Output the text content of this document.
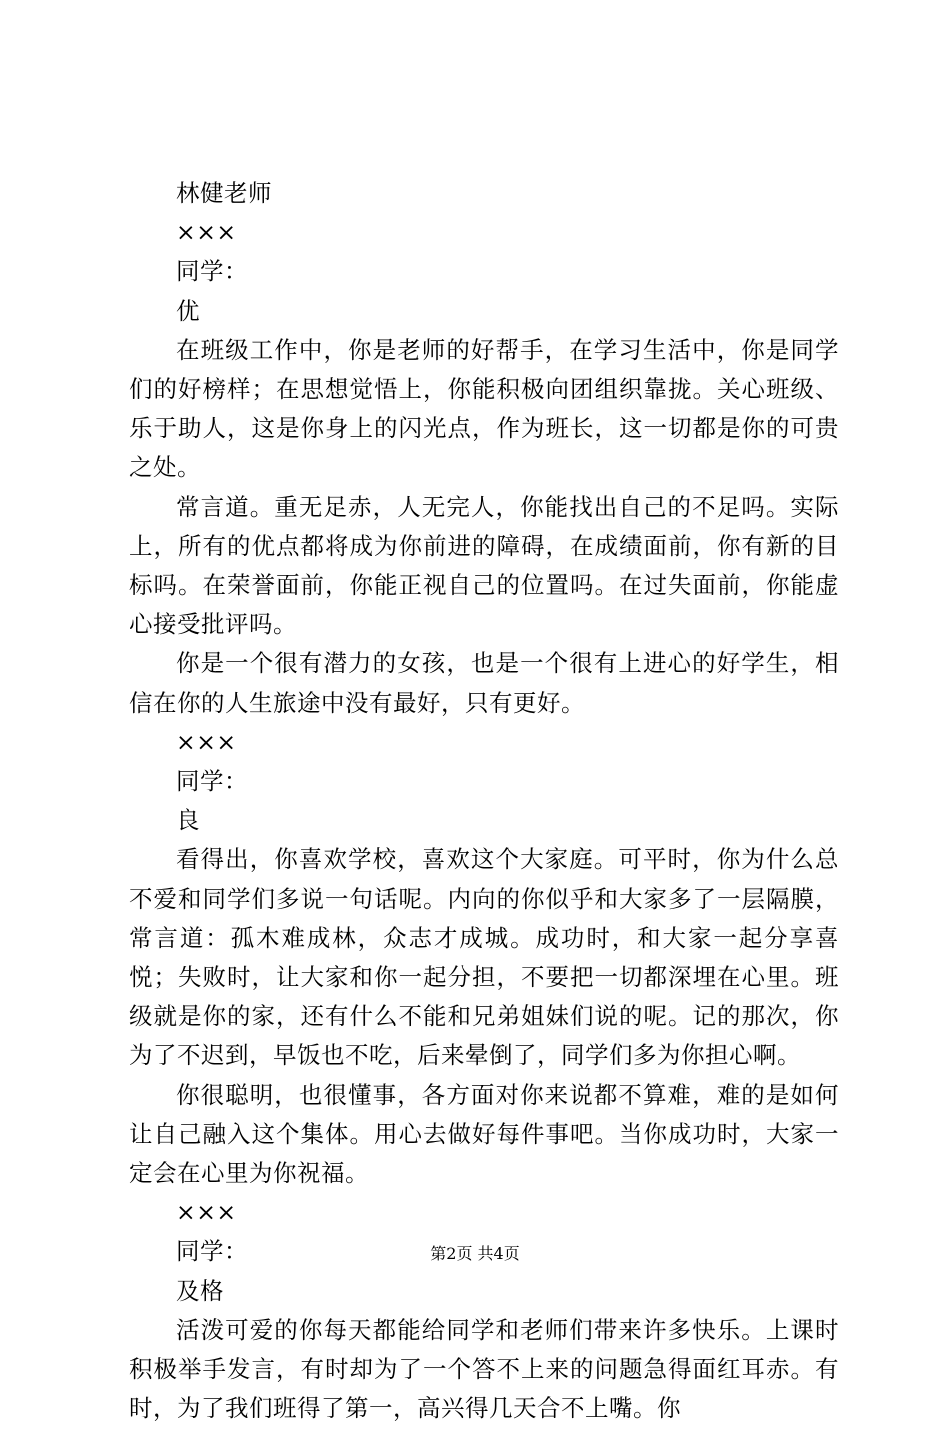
林健老师

×××

同学：

优

在班级工作中，你是老师的好帮手，在学习生活中，你是同学们的好榜样；在思想觉悟上，你能积极向团组织靠拢。关心班级、乐于助人，这是你身上的闪光点，作为班长，这一切都是你的可贵之处。

常言道。重无足赤，人无完人，你能找出自己的不足吗。实际上，所有的优点都将成为你前进的障碍，在成绩面前，你有新的目标吗。在荣誉面前，你能正视自己的位置吗。在过失面前，你能虚心接受批评吗。

你是一个很有潜力的女孩，也是一个很有上进心的好学生，相信在你的人生旅途中没有最好，只有更好。

×××

同学：

良

看得出，你喜欢学校，喜欢这个大家庭。可平时，你为什么总不爱和同学们多说一句话呢。内向的你似乎和大家多了一层隔膜，常言道：孤木难成林，众志才成城。成功时，和大家一起分享喜悦；失败时，让大家和你一起分担，不要把一切都深埋在心里。班级就是你的家，还有什么不能和兄弟姐妹们说的呢。记的那次，你为了不迟到，早饭也不吃，后来晕倒了，同学们多为你担心啊。

你很聪明，也很懂事，各方面对你来说都不算难，难的是如何让自己融入这个集体。用心去做好每件事吧。当你成功时，大家一定会在心里为你祝福。

×××

同学：

及格

活泼可爱的你每天都能给同学和老师们带来许多快乐。上课时积极举手发言，有时却为了一个答不上来的问题急得面红耳赤。有时，为了我们班得了第一，高兴得几天合不上嘴。你

第2页 共4页
